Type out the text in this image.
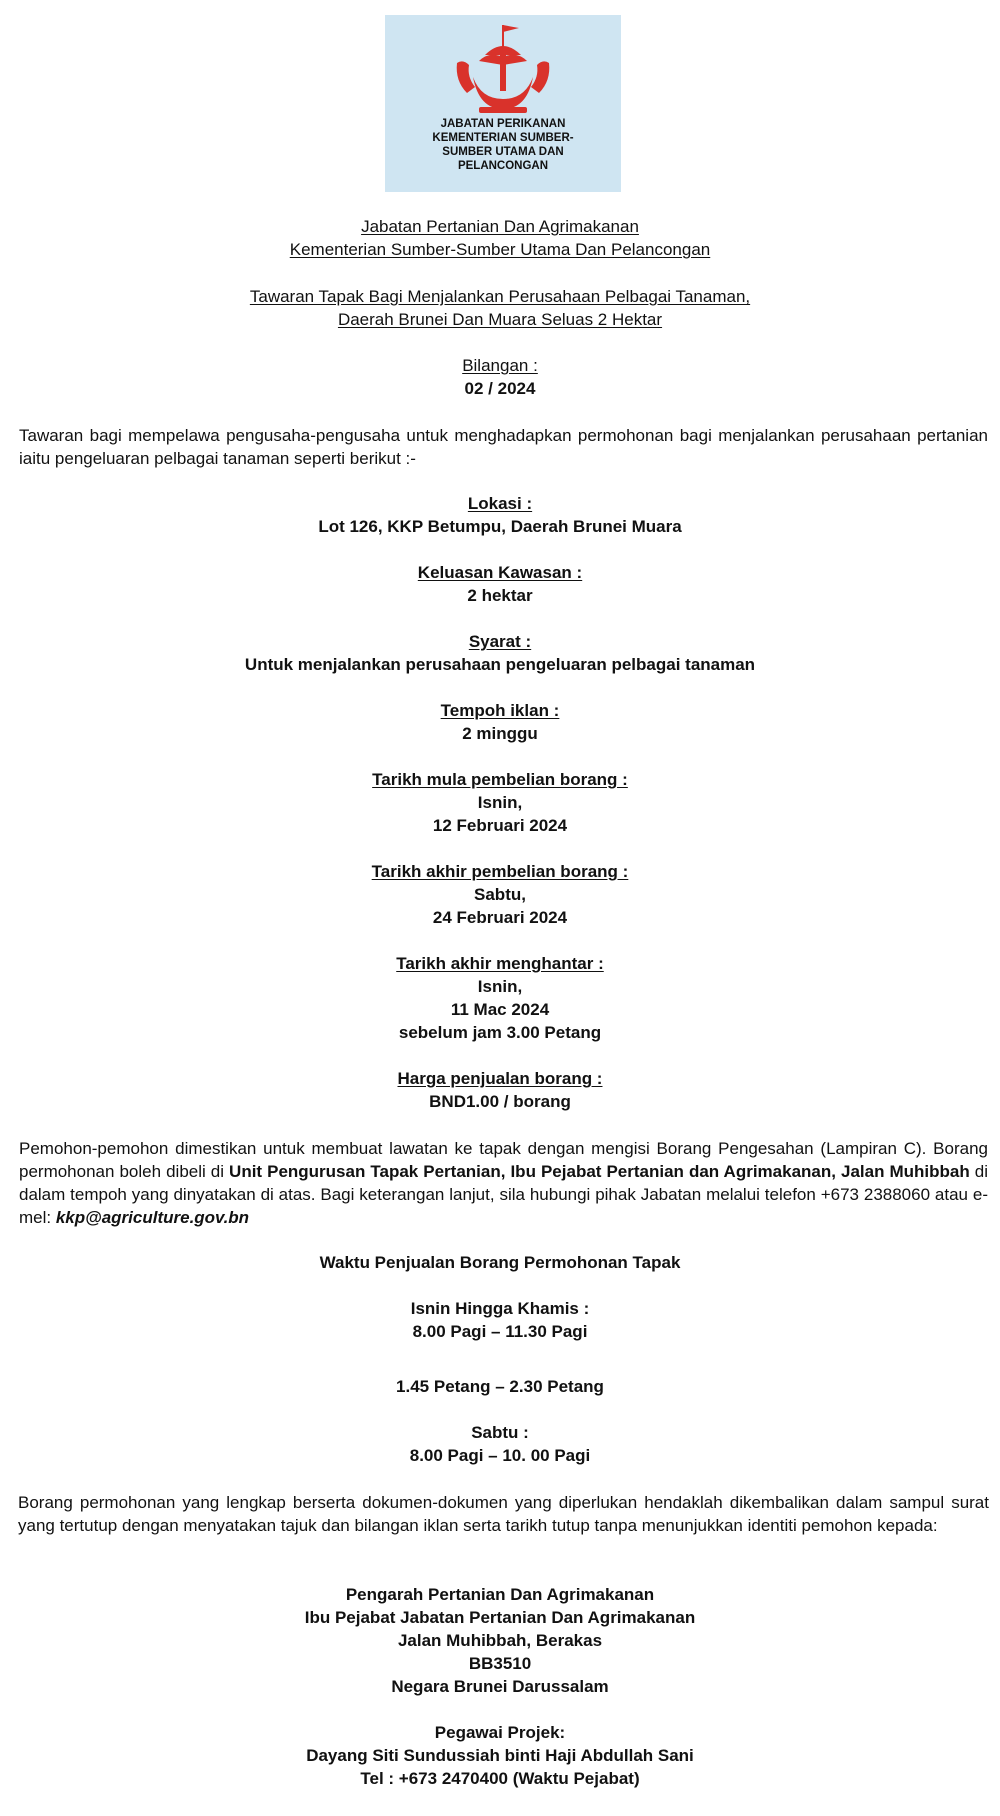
JABATAN PERIKANAN
KEMENTERIAN SUMBER-
SUMBER UTAMA DAN
PELANCONGAN
Jabatan Pertanian Dan Agrimakanan
Kementerian Sumber-Sumber Utama Dan Pelancongan
Tawaran Tapak Bagi Menjalankan Perusahaan Pelbagai Tanaman,
Daerah Brunei Dan Muara Seluas 2 Hektar
Bilangan :
02 / 2024
Tawaran bagi mempelawa pengusaha-pengusaha untuk menghadapkan permohonan bagi menjalankan perusahaan pertanian iaitu pengeluaran pelbagai tanaman seperti berikut :-
Lokasi :
Lot 126, KKP Betumpu, Daerah Brunei Muara
Keluasan Kawasan :
2 hektar
Syarat :
Untuk menjalankan perusahaan pengeluaran pelbagai tanaman
Tempoh iklan :
2 minggu
Tarikh mula pembelian borang :
Isnin,
12 Februari 2024
Tarikh akhir pembelian borang :
Sabtu,
24 Februari 2024
Tarikh akhir menghantar :
Isnin,
11 Mac 2024
sebelum jam 3.00 Petang
Harga penjualan borang :
BND1.00 / borang
Pemohon-pemohon dimestikan untuk membuat lawatan ke tapak dengan mengisi Borang Pengesahan (Lampiran C). Borang permohonan boleh dibeli di Unit Pengurusan Tapak Pertanian, Ibu Pejabat Pertanian dan Agrimakanan, Jalan Muhibbah di dalam tempoh yang dinyatakan di atas. Bagi keterangan lanjut, sila hubungi pihak Jabatan melalui telefon +673 2388060 atau e-mel: kkp@agriculture.gov.bn
Waktu Penjualan Borang Permohonan Tapak
Isnin Hingga Khamis :
8.00 Pagi – 11.30 Pagi
1.45 Petang – 2.30 Petang
Sabtu :
8.00 Pagi – 10. 00 Pagi
Borang permohonan yang lengkap berserta dokumen-dokumen yang diperlukan hendaklah dikembalikan dalam sampul surat yang tertutup dengan menyatakan tajuk dan bilangan iklan serta tarikh tutup tanpa menunjukkan identiti pemohon kepada:
Pengarah Pertanian Dan Agrimakanan
Ibu Pejabat Jabatan Pertanian Dan Agrimakanan
Jalan Muhibbah, Berakas
BB3510
Negara Brunei Darussalam
Pegawai Projek:
Dayang Siti Sundussiah binti Haji Abdullah Sani
Tel : +673 2470400 (Waktu Pejabat)
